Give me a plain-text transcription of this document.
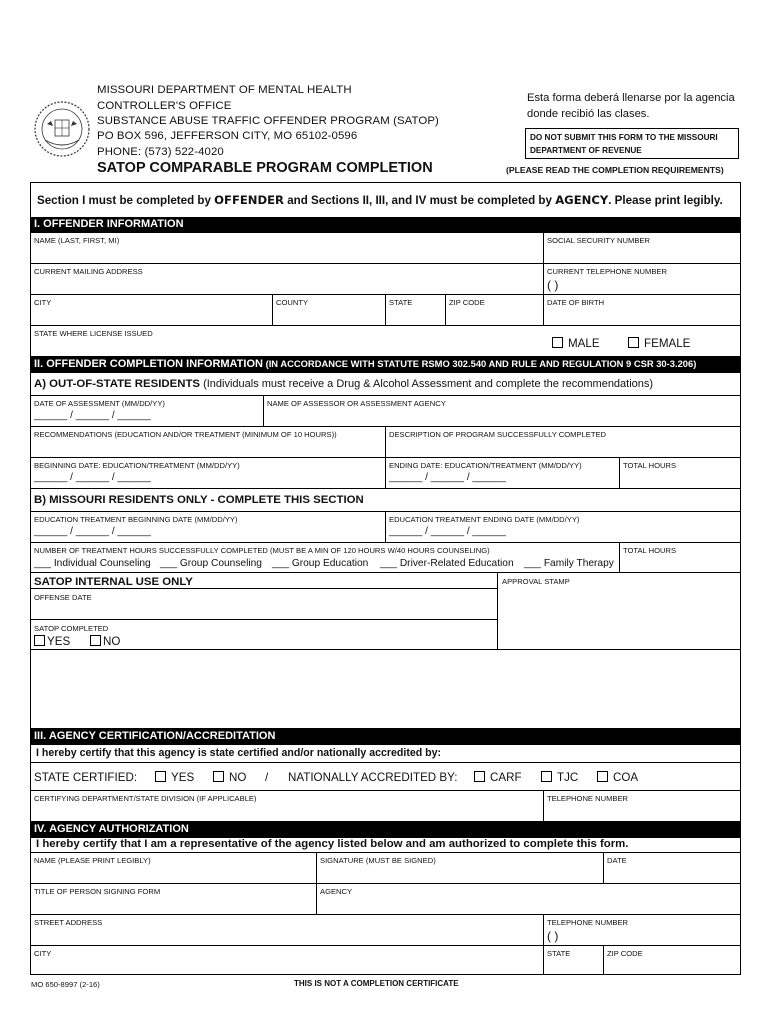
MISSOURI DEPARTMENT OF MENTAL HEALTH
CONTROLLER'S OFFICE
SUBSTANCE ABUSE TRAFFIC OFFENDER PROGRAM (SATOP)
PO BOX 596, JEFFERSON CITY, MO 65102-0596
PHONE: (573) 522-4020
SATOP COMPARABLE PROGRAM COMPLETION
Esta forma deberá llenarse por la agencia
donde recibió las clases.
DO NOT SUBMIT THIS FORM TO THE MISSOURI
DEPARTMENT OF REVENUE
(PLEASE READ THE COMPLETION REQUIREMENTS)
Section I must be completed by OFFENDER and Sections II, III, and IV must be completed by AGENCY. Please print legibly.
I. OFFENDER INFORMATION
NAME (LAST, FIRST, MI)	SOCIAL SECURITY NUMBER
CURRENT MAILING ADDRESS	CURRENT TELEPHONE NUMBER
( )
CITY	COUNTY	STATE	ZIP CODE	DATE OF BIRTH
STATE WHERE LICENSE ISSUED
MALE	FEMALE
II. OFFENDER COMPLETION INFORMATION (IN ACCORDANCE WITH STATUTE RSMO 302.540 AND RULE AND REGULATION 9 CSR 30-3.206)
A) OUT-OF-STATE RESIDENTS (Individuals must receive a Drug & Alcohol Assessment and complete the recommendations)
DATE OF ASSESSMENT (MM/DD/YY)
______ / ______ / ______
NAME OF ASSESSOR OR ASSESSMENT AGENCY
RECOMMENDATIONS (EDUCATION AND/OR TREATMENT (MINIMUM OF 10 HOURS))	DESCRIPTION OF PROGRAM SUCCESSFULLY COMPLETED
BEGINNING DATE: EDUCATION/TREATMENT (MM/DD/YY)
______ / ______ / ______
ENDING DATE: EDUCATION/TREATMENT (MM/DD/YY)
______ / ______ / ______
TOTAL HOURS
B) MISSOURI RESIDENTS ONLY - COMPLETE THIS SECTION
EDUCATION TREATMENT BEGINNING DATE (MM/DD/YY)
______ / ______ / ______
EDUCATION TREATMENT ENDING DATE (MM/DD/YY)
______ / ______ / ______
NUMBER OF TREATMENT HOURS SUCCESSFULLY COMPLETED (MUST BE A MIN OF 120 HOURS W/40 HOURS COUNSELING)	TOTAL HOURS
___ Individual Counseling ___ Group Counseling ___ Group Education ___ Driver-Related Education ___ Family Therapy
SATOP INTERNAL USE ONLY	APPROVAL STAMP
OFFENSE DATE
SATOP COMPLETED
YES	NO
III. AGENCY CERTIFICATION/ACCREDITATION
I hereby certify that this agency is state certified and/or nationally accredited by:
STATE CERTIFIED:	YES	NO / NATIONALLY ACCREDITED BY:	CARF	TJC	COA
CERTIFYING DEPARTMENT/STATE DIVISION (IF APPLICABLE)	TELEPHONE NUMBER
IV. AGENCY AUTHORIZATION
I hereby certify that I am a representative of the agency listed below and am authorized to complete this form.
NAME (PLEASE PRINT LEGIBLY)	SIGNATURE (MUST BE SIGNED)	DATE
TITLE OF PERSON SIGNING FORM	AGENCY
STREET ADDRESS	TELEPHONE NUMBER
( )
CITY	STATE	ZIP CODE
MO 650-8997 (2-16)	THIS IS NOT A COMPLETION CERTIFICATE
